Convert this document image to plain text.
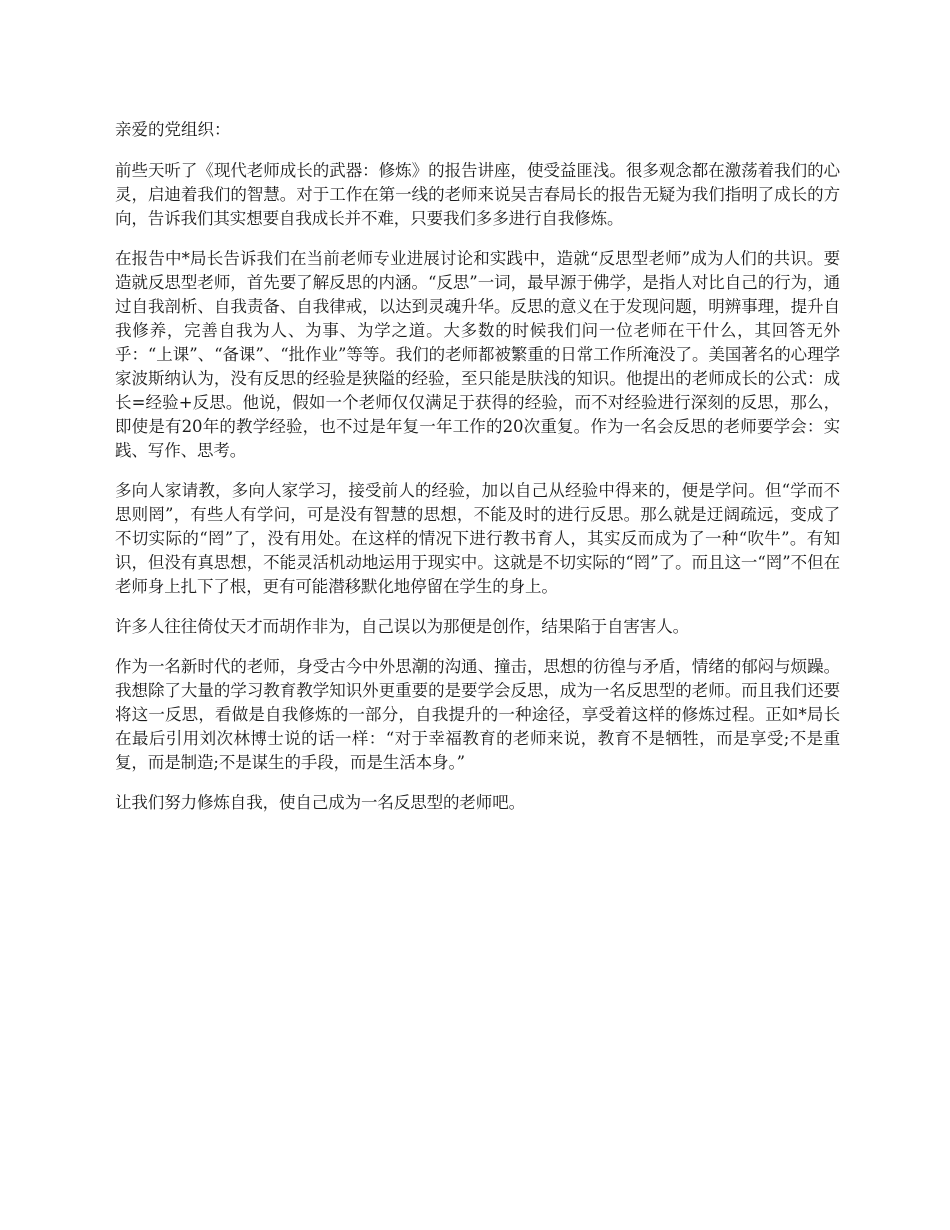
亲爱的党组织：

前些天听了《现代老师成长的武器：修炼》的报告讲座，使受益匪浅。很多观念都在激荡着我们的心灵，启迪着我们的智慧。对于工作在第一线的老师来说吴吉春局长的报告无疑为我们指明了成长的方向，告诉我们其实想要自我成长并不难，只要我们多多进行自我修炼。

在报告中*局长告诉我们在当前老师专业进展讨论和实践中，造就“反思型老师”成为人们的共识。要造就反思型老师，首先要了解反思的内涵。“反思”一词，最早源于佛学，是指人对比自己的行为，通过自我剖析、自我责备、自我律戒，以达到灵魂升华。反思的意义在于发现问题，明辨事理，提升自我修养，完善自我为人、为事、为学之道。大多数的时候我们问一位老师在干什么，其回答无外乎：“上课”、“备课”、“批作业”等等。我们的老师都被繁重的日常工作所淹没了。美国著名的心理学家波斯纳认为，没有反思的经验是狭隘的经验，至只能是肤浅的知识。他提出的老师成长的公式：成长=经验+反思。他说，假如一个老师仅仅满足于获得的经验，而不对经验进行深刻的反思，那么，即使是有20年的教学经验，也不过是年复一年工作的20次重复。作为一名会反思的老师要学会：实践、写作、思考。

多向人家请教，多向人家学习，接受前人的经验，加以自己从经验中得来的，便是学问。但“学而不思则罔”，有些人有学问，可是没有智慧的思想，不能及时的进行反思。那么就是迂阔疏远，变成了不切实际的“罔”了，没有用处。在这样的情况下进行教书育人，其实反而成为了一种“吹牛”。有知识，但没有真思想，不能灵活机动地运用于现实中。这就是不切实际的“罔”了。而且这一“罔”不但在老师身上扎下了根，更有可能潜移默化地停留在学生的身上。

许多人往往倚仗天才而胡作非为，自己误以为那便是创作，结果陷于自害害人。

作为一名新时代的老师，身受古今中外思潮的沟通、撞击，思想的彷徨与矛盾，情绪的郁闷与烦躁。我想除了大量的学习教育教学知识外更重要的是要学会反思，成为一名反思型的老师。而且我们还要将这一反思，看做是自我修炼的一部分，自我提升的一种途径，享受着这样的修炼过程。正如*局长在最后引用刘次林博士说的话一样：“对于幸福教育的老师来说，教育不是牺牲，而是享受;不是重复，而是制造;不是谋生的手段，而是生活本身。”

让我们努力修炼自我，使自己成为一名反思型的老师吧。
